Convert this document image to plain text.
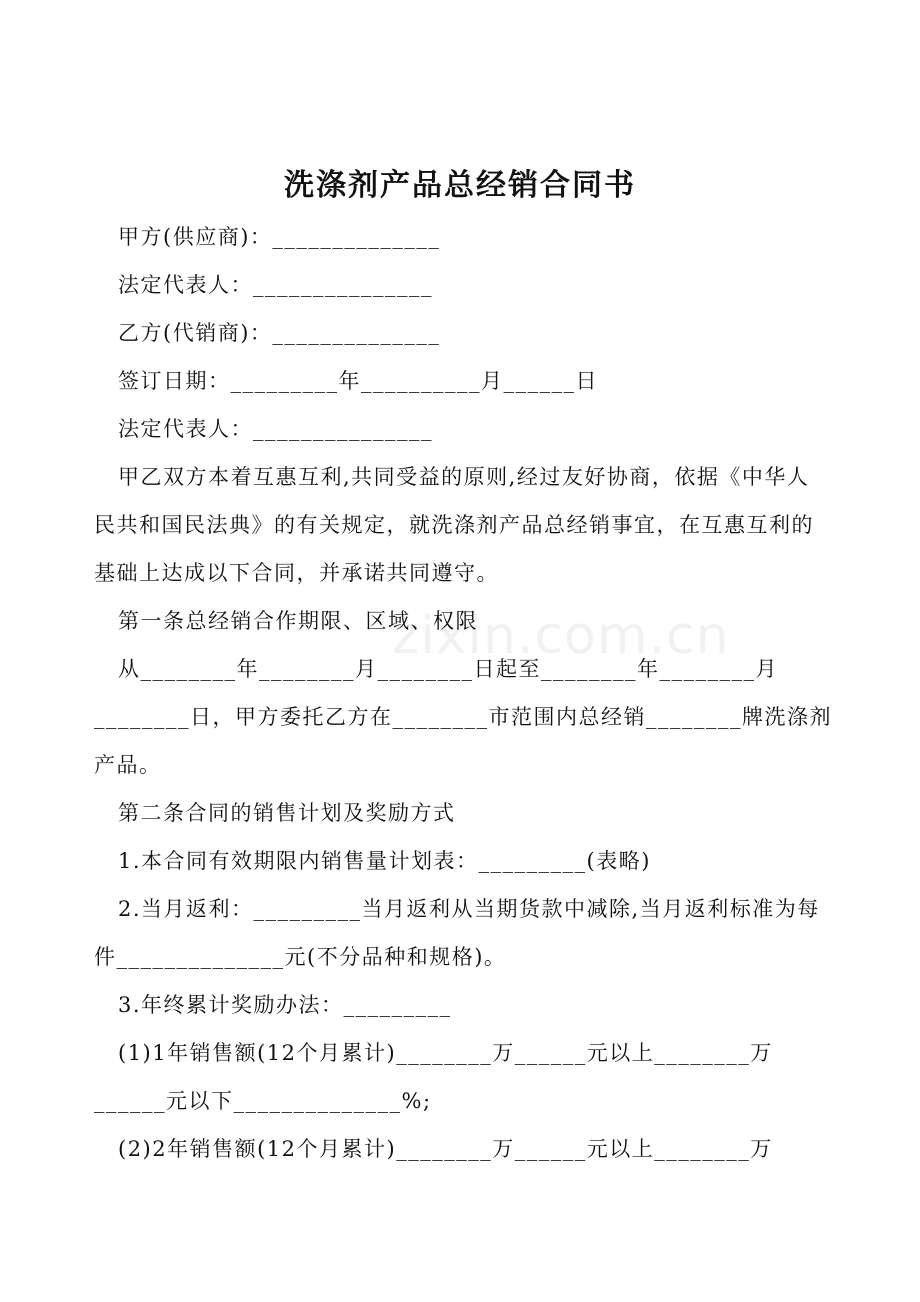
zixin.com.cn
洗涤剂产品总经销合同书
甲方(供应商)：______________
法定代表人：_______________
乙方(代销商)：______________
签订日期：_________年__________月______日
法定代表人：_______________
甲乙双方本着互惠互利,共同受益的原则,经过友好协商，依据《中华人
民共和国民法典》的有关规定，就洗涤剂产品总经销事宜，在互惠互利的
基础上达成以下合同，并承诺共同遵守。
第一条总经销合作期限、区域、权限
从________年________月________日起至________年________月
________日，甲方委托乙方在________市范围内总经销________牌洗涤剂
产品。
第二条合同的销售计划及奖励方式
1.本合同有效期限内销售量计划表：_________(表略)
2.当月返利：_________当月返利从当期货款中减除,当月返利标准为每
件______________元(不分品种和规格)。
3.年终累计奖励办法：_________
(1)1年销售额(12个月累计)________万______元以上________万
______元以下______________%;
(2)2年销售额(12个月累计)________万______元以上________万
